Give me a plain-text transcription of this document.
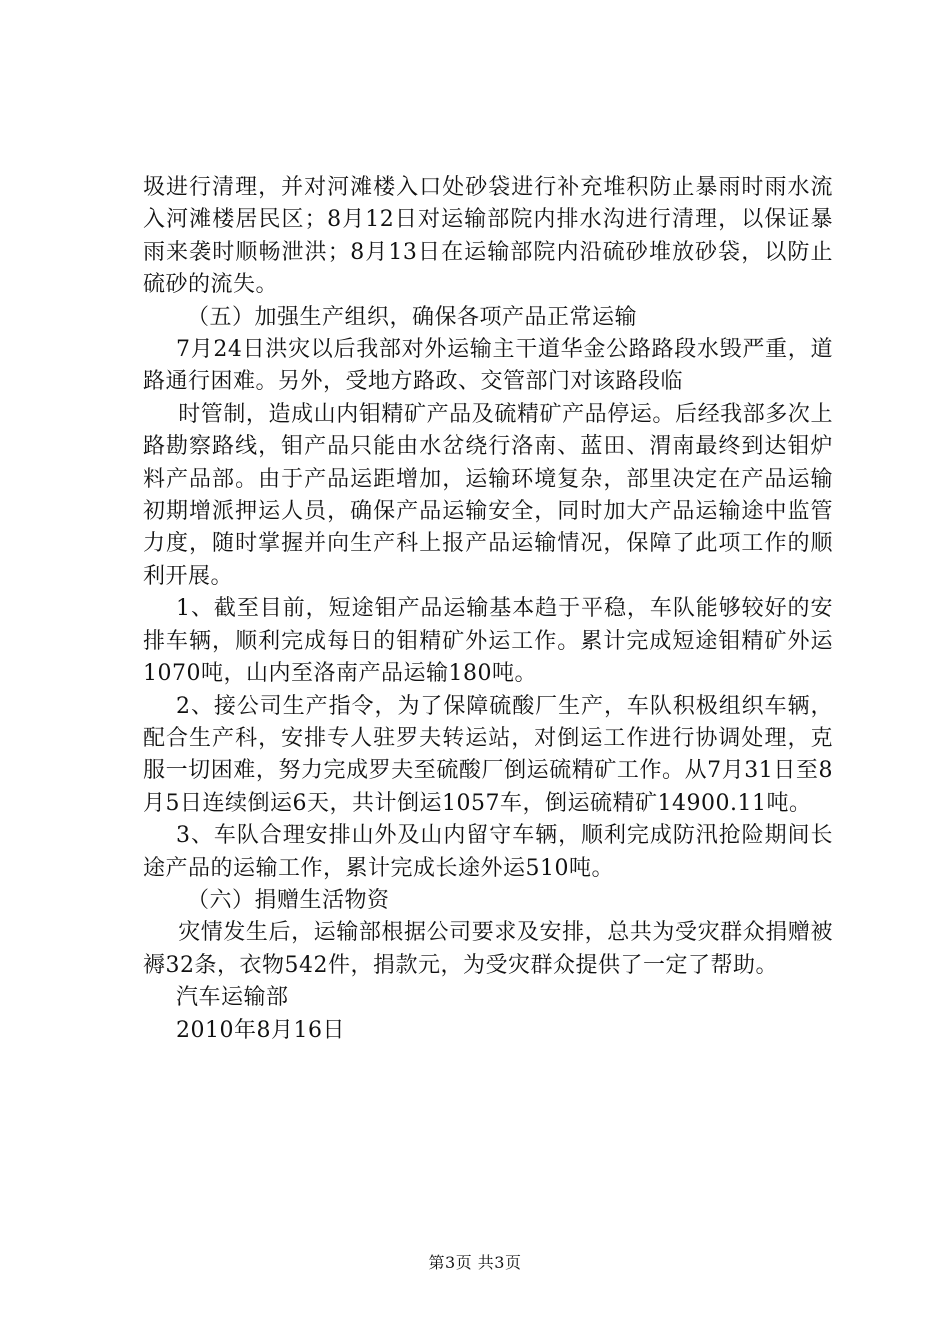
圾进行清理，并对河滩楼入口处砂袋进行补充堆积防止暴雨时雨水流入河滩楼居民区；8月12日对运输部院内排水沟进行清理，以保证暴雨来袭时顺畅泄洪；8月13日在运输部院内沿硫砂堆放砂袋，以防止硫砂的流失。

（五）加强生产组织，确保各项产品正常运输

7月24日洪灾以后我部对外运输主干道华金公路路段水毁严重，道路通行困难。另外，受地方路政、交管部门对该路段临

时管制，造成山内钼精矿产品及硫精矿产品停运。后经我部多次上路勘察路线，钼产品只能由水岔绕行洛南、蓝田、渭南最终到达钼炉料产品部。由于产品运距增加，运输环境复杂，部里决定在产品运输初期增派押运人员，确保产品运输安全，同时加大产品运输途中监管力度，随时掌握并向生产科上报产品运输情况，保障了此项工作的顺利开展。

1、截至目前，短途钼产品运输基本趋于平稳，车队能够较好的安排车辆，顺利完成每日的钼精矿外运工作。累计完成短途钼精矿外运1070吨，山内至洛南产品运输180吨。

2、接公司生产指令，为了保障硫酸厂生产，车队积极组织车辆，配合生产科，安排专人驻罗夫转运站，对倒运工作进行协调处理，克服一切困难，努力完成罗夫至硫酸厂倒运硫精矿工作。从7月31日至8月5日连续倒运6天，共计倒运1057车，倒运硫精矿14900.11吨。

3、车队合理安排山外及山内留守车辆，顺利完成防汛抢险期间长途产品的运输工作，累计完成长途外运510吨。

（六）捐赠生活物资

灾情发生后，运输部根据公司要求及安排，总共为受灾群众捐赠被褥32条，衣物542件，捐款元，为受灾群众提供了一定了帮助。

汽车运输部

2010年8月16日

第3页 共3页
